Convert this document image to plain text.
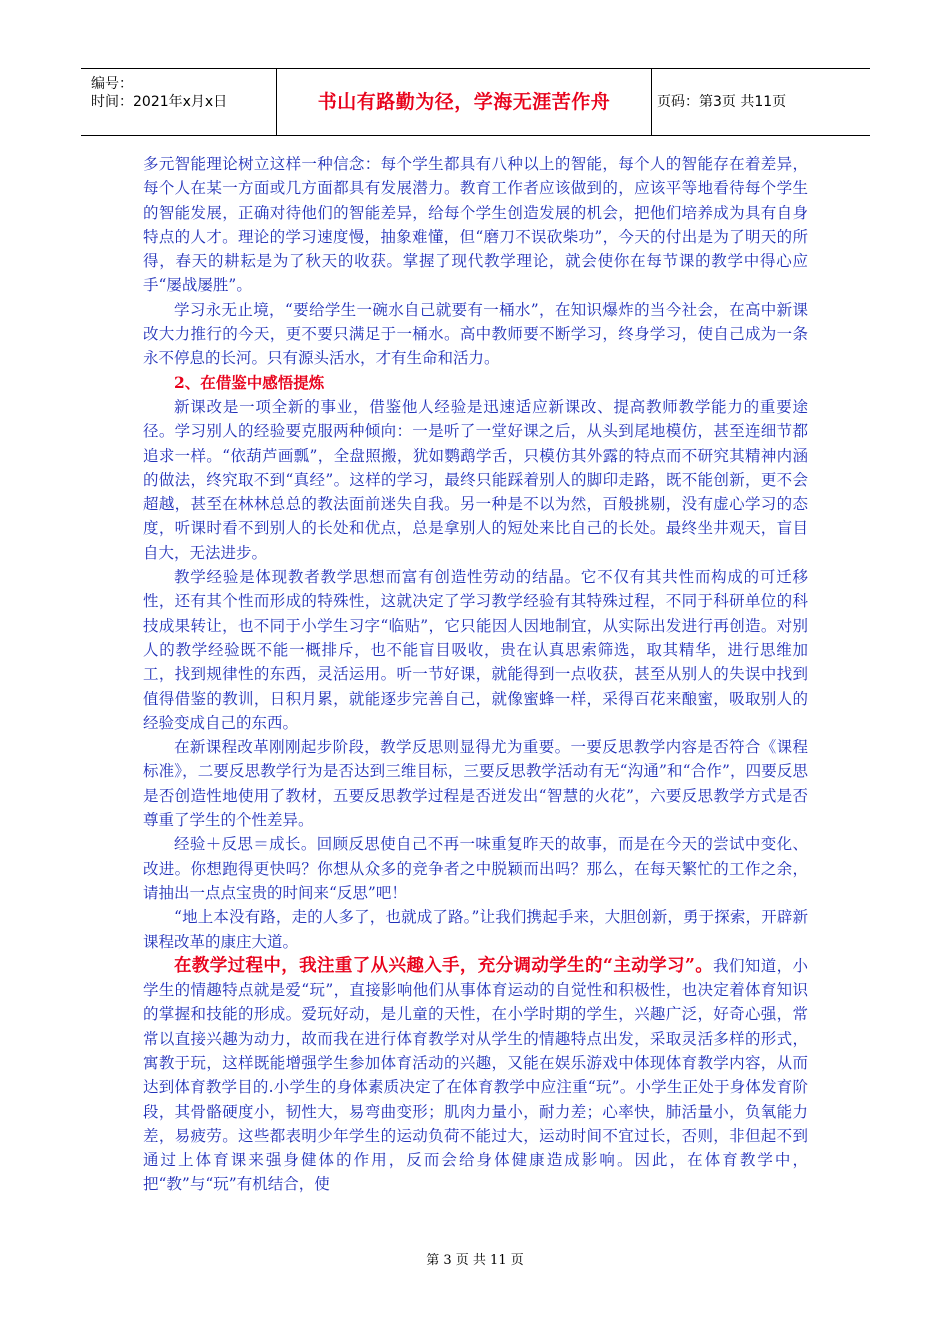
编号：
时间：2021年x月x日	书山有路勤为径，学海无涯苦作舟	页码：第3页 共11页

多元智能理论树立这样一种信念：每个学生都具有八种以上的智能，每个人的智能存在着差异，每个人在某一方面或几方面都具有发展潜力。教育工作者应该做到的，应该平等地看待每个学生的智能发展，正确对待他们的智能差异，给每个学生创造发展的机会，把他们培养成为具有自身特点的人才。理论的学习速度慢，抽象难懂，但“磨刀不误砍柴功”，今天的付出是为了明天的所得，春天的耕耘是为了秋天的收获。掌握了现代教学理论，就会使你在每节课的教学中得心应手“屡战屡胜”。

学习永无止境，“要给学生一碗水自己就要有一桶水”，在知识爆炸的当今社会，在高中新课改大力推行的今天，更不要只满足于一桶水。高中教师要不断学习，终身学习，使自己成为一条永不停息的长河。只有源头活水，才有生命和活力。

2、在借鉴中感悟提炼

新课改是一项全新的事业，借鉴他人经验是迅速适应新课改、提高教师教学能力的重要途径。学习别人的经验要克服两种倾向：一是听了一堂好课之后，从头到尾地模仿，甚至连细节都追求一样。“依葫芦画瓢”，全盘照搬，犹如鹦鹉学舌，只模仿其外露的特点而不研究其精神内涵的做法，终究取不到“真经”。这样的学习，最终只能踩着别人的脚印走路，既不能创新，更不会超越，甚至在林林总总的教法面前迷失自我。另一种是不以为然，百般挑剔，没有虚心学习的态度，听课时看不到别人的长处和优点，总是拿别人的短处来比自己的长处。最终坐井观天，盲目自大，无法进步。

教学经验是体现教者教学思想而富有创造性劳动的结晶。它不仅有其共性而构成的可迁移性，还有其个性而形成的特殊性，这就决定了学习教学经验有其特殊过程，不同于科研单位的科技成果转让，也不同于小学生习字“临贴”，它只能因人因地制宜，从实际出发进行再创造。对别人的教学经验既不能一概排斥，也不能盲目吸收，贵在认真思索筛选，取其精华，进行思维加工，找到规律性的东西，灵活运用。听一节好课，就能得到一点收获，甚至从别人的失误中找到值得借鉴的教训，日积月累，就能逐步完善自己，就像蜜蜂一样，采得百花来酿蜜，吸取别人的经验变成自己的东西。

在新课程改革刚刚起步阶段，教学反思则显得尤为重要。一要反思教学内容是否符合《课程标准》，二要反思教学行为是否达到三维目标，三要反思教学活动有无“沟通”和“合作”，四要反思是否创造性地使用了教材，五要反思教学过程是否迸发出“智慧的火花”，六要反思教学方式是否尊重了学生的个性差异。

经验＋反思＝成长。回顾反思使自己不再一味重复昨天的故事，而是在今天的尝试中变化、改进。你想跑得更快吗？你想从众多的竞争者之中脱颖而出吗？那么，在每天繁忙的工作之余，请抽出一点点宝贵的时间来“反思”吧！

“地上本没有路，走的人多了，也就成了路。”让我们携起手来，大胆创新，勇于探索，开辟新课程改革的康庄大道。

在教学过程中，我注重了从兴趣入手，充分调动学生的“主动学习”。我们知道，小学生的情趣特点就是爱“玩”，直接影响他们从事体育运动的自觉性和积极性，也决定着体育知识的掌握和技能的形成。爱玩好动，是儿童的天性，在小学时期的学生，兴趣广泛，好奇心强，常常以直接兴趣为动力，故而我在进行体育教学对从学生的情趣特点出发，采取灵活多样的形式，寓教于玩，这样既能增强学生参加体育活动的兴趣，又能在娱乐游戏中体现体育教学内容，从而达到体育教学目的.小学生的身体素质决定了在体育教学中应注重“玩”。小学生正处于身体发育阶段，其骨骼硬度小，韧性大，易弯曲变形；肌肉力量小，耐力差；心率快，肺活量小，负氧能力差，易疲劳。这些都表明少年学生的运动负荷不能过大，运动时间不宜过长，否则，非但起不到通过上体育课来强身健体的作用，反而会给身体健康造成影响。因此，在体育教学中，把“教”与“玩”有机结合，使

第 3 页 共 11 页
